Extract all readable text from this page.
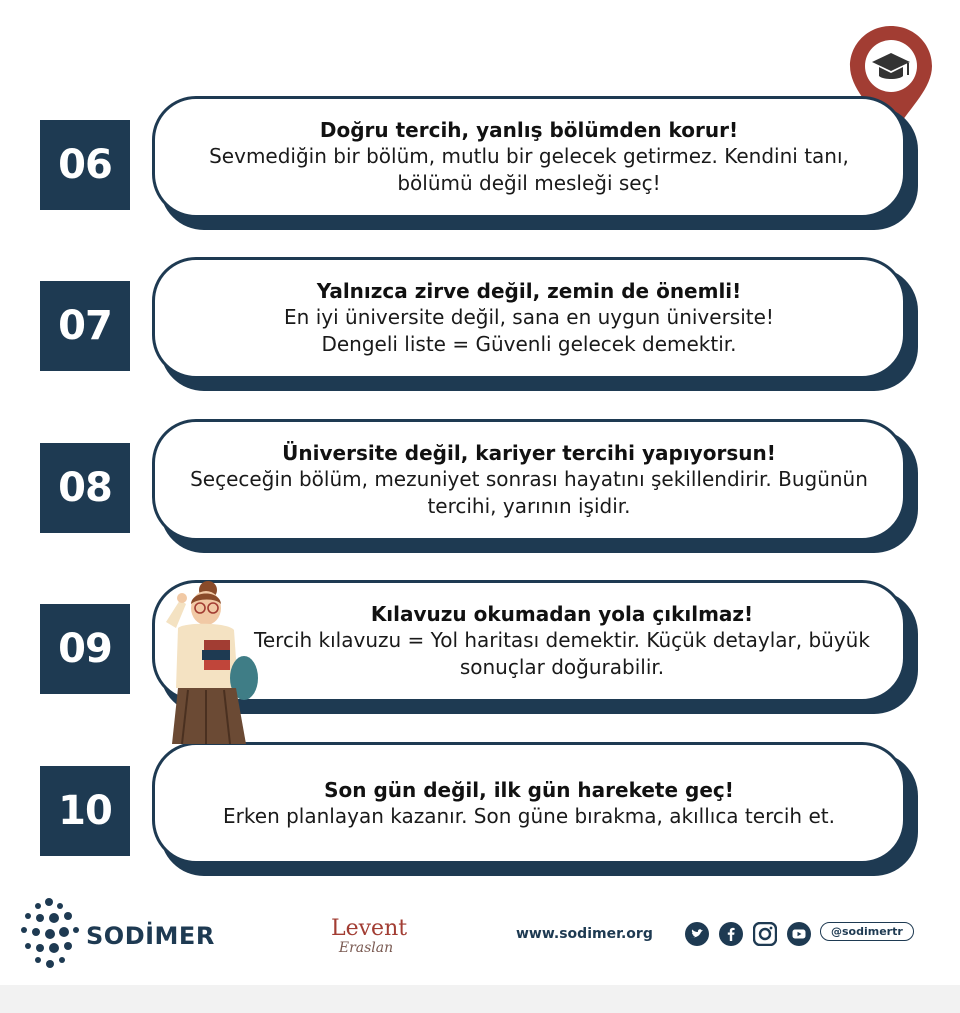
06
Doğru tercih, yanlış bölümden korur!
Sevmediğin bir bölüm, mutlu bir gelecek getirmez. Kendini tanı, bölümü değil mesleği seç!
07
Yalnızca zirve değil, zemin de önemli!
En iyi üniversite değil, sana en uygun üniversite! Dengeli liste = Güvenli gelecek demektir.
08
Üniversite değil, kariyer tercihi yapıyorsun!
Seçeceğin bölüm, mezuniyet sonrası hayatını şekillendirir. Bugünün tercihi, yarının işidir.
09
Kılavuzu okumadan yola çıkılmaz!
Tercih kılavuzu = Yol haritası demektir. Küçük detaylar, büyük sonuçlar doğurabilir.
10	Son gün değil, ilk gün harekete geç!
Erken planlayan kazanır. Son güne bırakma, akıllıca tercih et.
SODİMER	Levent
Eraslan
www.sodimer.org	@sodimertr
